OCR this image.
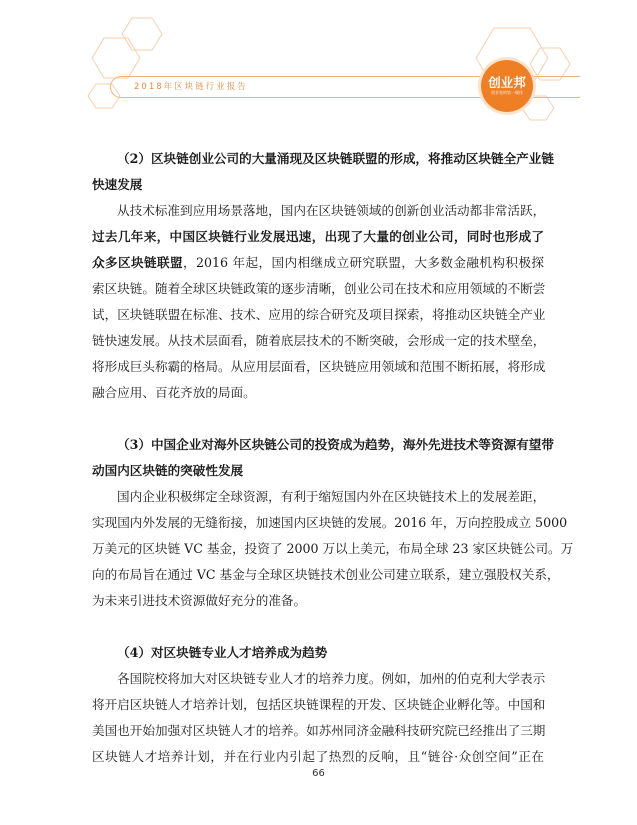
2018年区块链行业报告	创业邦
创业家的第一媒体
（2）区块链创业公司的大量涌现及区块链联盟的形成，将推动区块链全产业链
快速发展
从技术标准到应用场景落地，国内在区块链领域的创新创业活动都非常活跃，
过去几年来，中国区块链行业发展迅速，出现了大量的创业公司，同时也形成了
众多区块链联盟，2016 年起，国内相继成立研究联盟，大多数金融机构积极探
索区块链。随着全球区块链政策的逐步清晰，创业公司在技术和应用领域的不断尝
试，区块链联盟在标准、技术、应用的综合研究及项目探索，将推动区块链全产业
链快速发展。从技术层面看，随着底层技术的不断突破，会形成一定的技术壁垒，
将形成巨头称霸的格局。从应用层面看，区块链应用领域和范围不断拓展，将形成
融合应用、百花齐放的局面。
（3）中国企业对海外区块链公司的投资成为趋势，海外先进技术等资源有望带
动国内区块链的突破性发展
国内企业积极绑定全球资源，有利于缩短国内外在区块链技术上的发展差距，
实现国内外发展的无缝衔接，加速国内区块链的发展。2016 年，万向控股成立 5000
万美元的区块链 VC 基金，投资了 2000 万以上美元，布局全球 23 家区块链公司。万
向的布局旨在通过 VC 基金与全球区块链技术创业公司建立联系，建立强股权关系，
为未来引进技术资源做好充分的准备。
（4）对区块链专业人才培养成为趋势
各国院校将加大对区块链专业人才的培养力度。例如，加州的伯克利大学表示
将开启区块链人才培养计划，包括区块链课程的开发、区块链企业孵化等。中国和
美国也开始加强对区块链人才的培养。如苏州同济金融科技研究院已经推出了三期
区块链人才培养计划，并在行业内引起了热烈的反响，且“链谷·众创空间”正在
66
